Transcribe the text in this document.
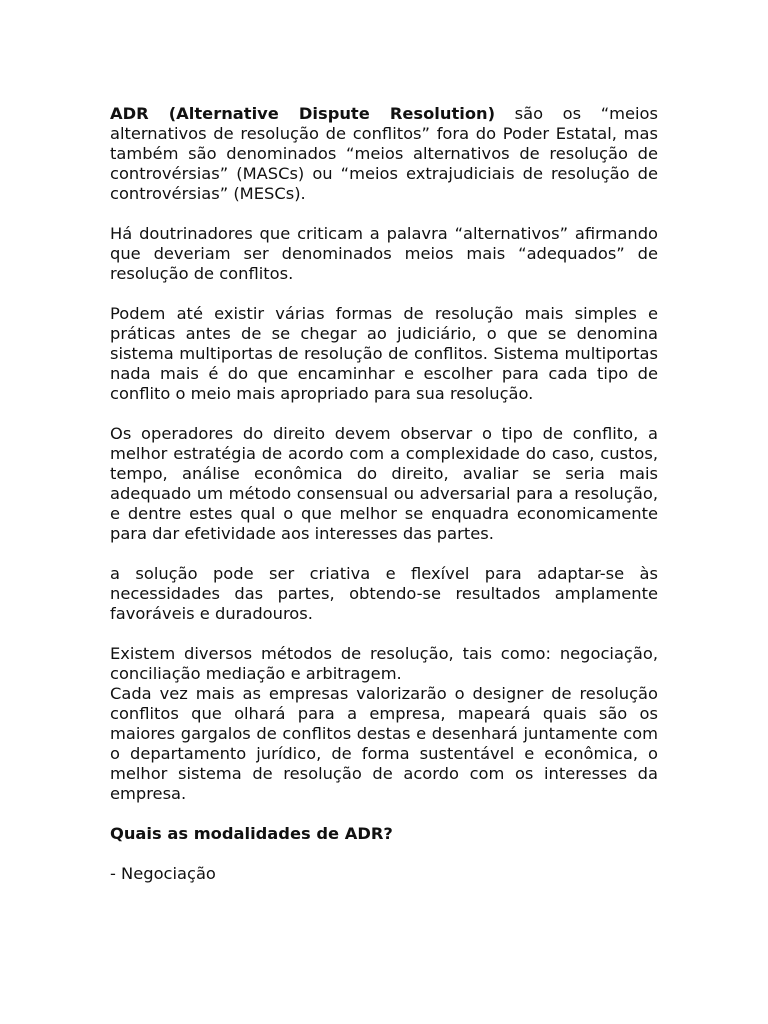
ADR (Alternative Dispute Resolution) são os “meios alternativos de resolução de conflitos” fora do Poder Estatal, mas também são denominados “meios alternativos de resolução de controvérsias” (MASCs) ou “meios extrajudiciais de resolução de controvérsias” (MESCs).

Há doutrinadores que criticam a palavra “alternativos” afirmando que deveriam ser denominados meios mais “adequados” de resolução de conflitos.

Podem até existir várias formas de resolução mais simples e práticas antes de se chegar ao judiciário, o que se denomina sistema multiportas de resolução de conflitos. Sistema multiportas nada mais é do que encaminhar e escolher para cada tipo de conflito o meio mais apropriado para sua resolução.

Os operadores do direito devem observar o tipo de conflito, a melhor estratégia de acordo com a complexidade do caso, custos, tempo, análise econômica do direito, avaliar se seria mais adequado um método consensual ou adversarial para a resolução, e dentre estes qual o que melhor se enquadra economicamente para dar efetividade aos interesses das partes.

a solução pode ser criativa e flexível para adaptar-se às necessidades das partes, obtendo-se resultados amplamente favoráveis e duradouros.

Existem diversos métodos de resolução, tais como: negociação, conciliação mediação e arbitragem.

Cada vez mais as empresas valorizarão o designer de resolução conflitos que olhará para a empresa, mapeará quais são os maiores gargalos de conflitos destas e desenhará juntamente com o departamento jurídico, de forma sustentável e econômica, o melhor sistema de resolução de acordo com os interesses da empresa.

Quais as modalidades de ADR?

- Negociação
